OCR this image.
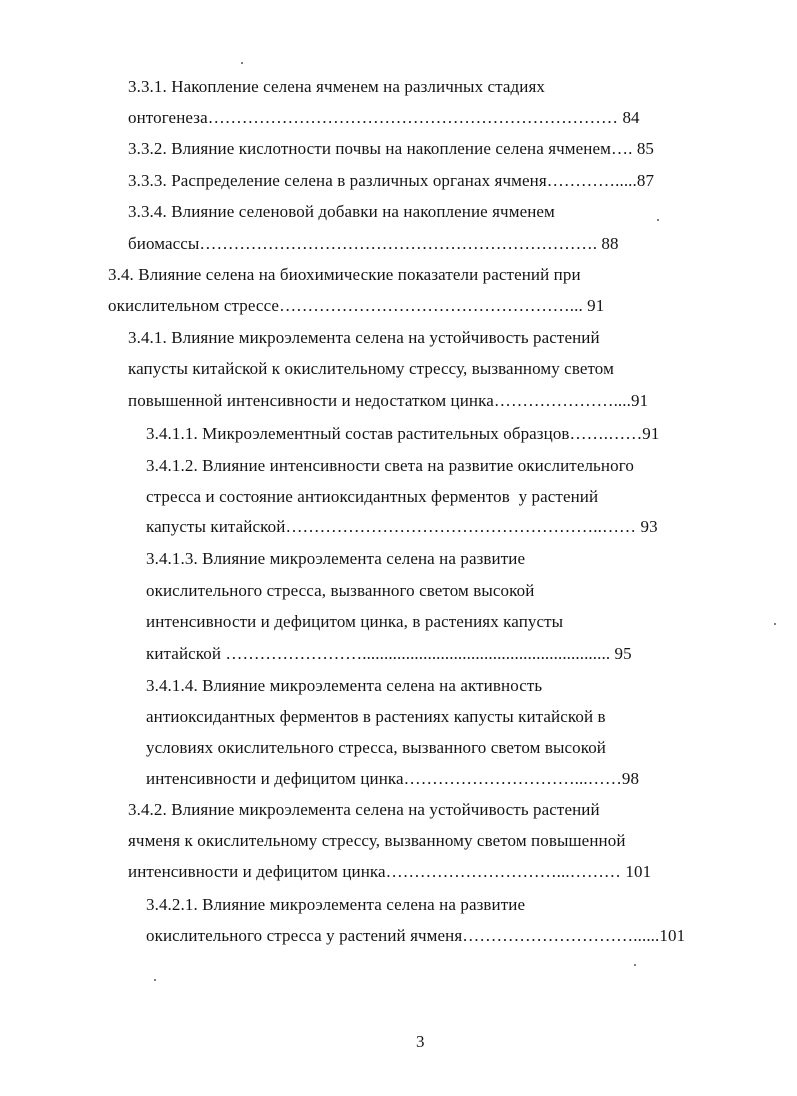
3.3.1. Накопление селена ячменем на различных стадиях
онтогенеза……………………………………………………………… 84
3.3.2. Влияние кислотности почвы на накопление селена ячменем…. 85
3.3.3. Распределение селена в различных органах ячменя………….....87
3.3.4. Влияние селеновой добавки на накопление ячменем
биомассы……………………………………………………………. 88
3.4. Влияние селена на биохимические показатели растений при
окислительном стрессе……………………………………………... 91
3.4.1. Влияние микроэлемента селена на устойчивость растений
капусты китайской к окислительному стрессу, вызванному светом
повышенной интенсивности и недостатком цинка…………………....91
3.4.1.1. Микроэлементный состав растительных образцов…….……91
3.4.1.2. Влияние интенсивности света на развитие окислительного
стресса и состояние антиоксидантных ферментов  у растений
капусты китайской………………………………………………..…… 93
3.4.1.3. Влияние микроэлемента селена на развитие
окислительного стресса, вызванного светом высокой
интенсивности и дефицитом цинка, в растениях капусты
китайской ……………………......................................................... 95
3.4.1.4. Влияние микроэлемента селена на активность
антиоксидантных ферментов в растениях капусты китайской в
условиях окислительного стресса, вызванного светом высокой
интенсивности и дефицитом цинка…………………………...……98
3.4.2. Влияние микроэлемента селена на устойчивость растений
ячменя к окислительному стрессу, вызванному светом повышенной
интенсивности и дефицитом цинка…………………………...……… 101
3.4.2.1. Влияние микроэлемента селена на развитие
окислительного стресса у растений ячменя…………………………......101
3
